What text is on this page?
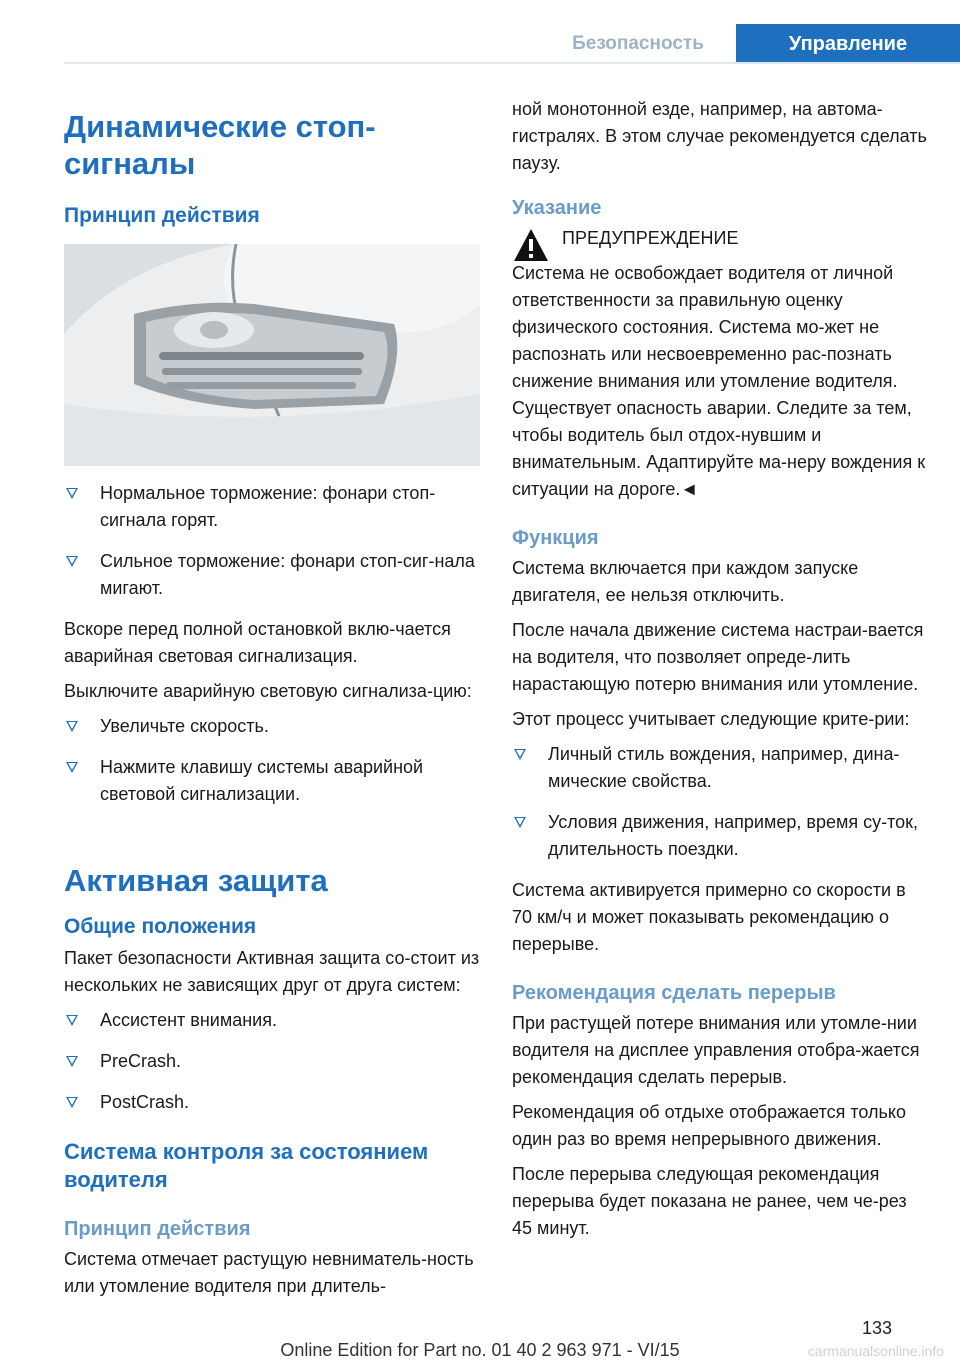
Безопасность	Управление
Динамические стоп-сигналы
Принцип действия
Нормальное торможение: фонари стоп-сигнала горят.
Сильное торможение: фонари стоп-сиг-нала мигают.

Вскоре перед полной остановкой вклю-чается аварийная световая сигнализация.

Выключите аварийную световую сигнализа-цию:

Увеличьте скорость.
Нажмите клавишу системы аварийной световой сигнализации.
Активная защита
Общие положения

Пакет безопасности Активная защита со-стоит из нескольких не зависящих друг от друга систем:

Ассистент внимания.
PreCrash.
PostCrash.
Система контроля за состоянием водителя
Принцип действия

Система отмечает растущую невниматель-ность или утомление водителя при длитель-

ной монотонной езде, например, на автома-гистралях. В этом случае рекомендуется сделать паузу.

Указание
ПРЕДУПРЕЖДЕНИЕ

Система не освобождает водителя от личной ответственности за правильную оценку физического состояния. Система мо-жет не распознать или несвоевременно рас-познать снижение внимания или утомление водителя. Существует опасность аварии. Следите за тем, чтобы водитель был отдох-нувшим и внимательным. Адаптируйте ма-неру вождения к ситуации на дороге.◄

Функция

Система включается при каждом запуске двигателя, ее нельзя отключить.

После начала движение система настраи-вается на водителя, что позволяет опреде-лить нарастающую потерю внимания или утомление.

Этот процесс учитывает следующие крите-рии:

Личный стиль вождения, например, дина-мические свойства.
Условия движения, например, время су-ток, длительность поездки.

Система активируется примерно со скорости в 70 км/ч и может показывать рекомендацию о перерыве.

Рекомендация сделать перерыв

При растущей потере внимания или утомле-нии водителя на дисплее управления отобра-жается рекомендация сделать перерыв.

Рекомендация об отдыхе отображается только один раз во время непрерывного движения.

После перерыва следующая рекомендация перерыва будет показана не ранее, чем че-рез 45 минут.

133
Online Edition for Part no. 01 40 2 963 971 - VI/15	carmanualsonline.info
